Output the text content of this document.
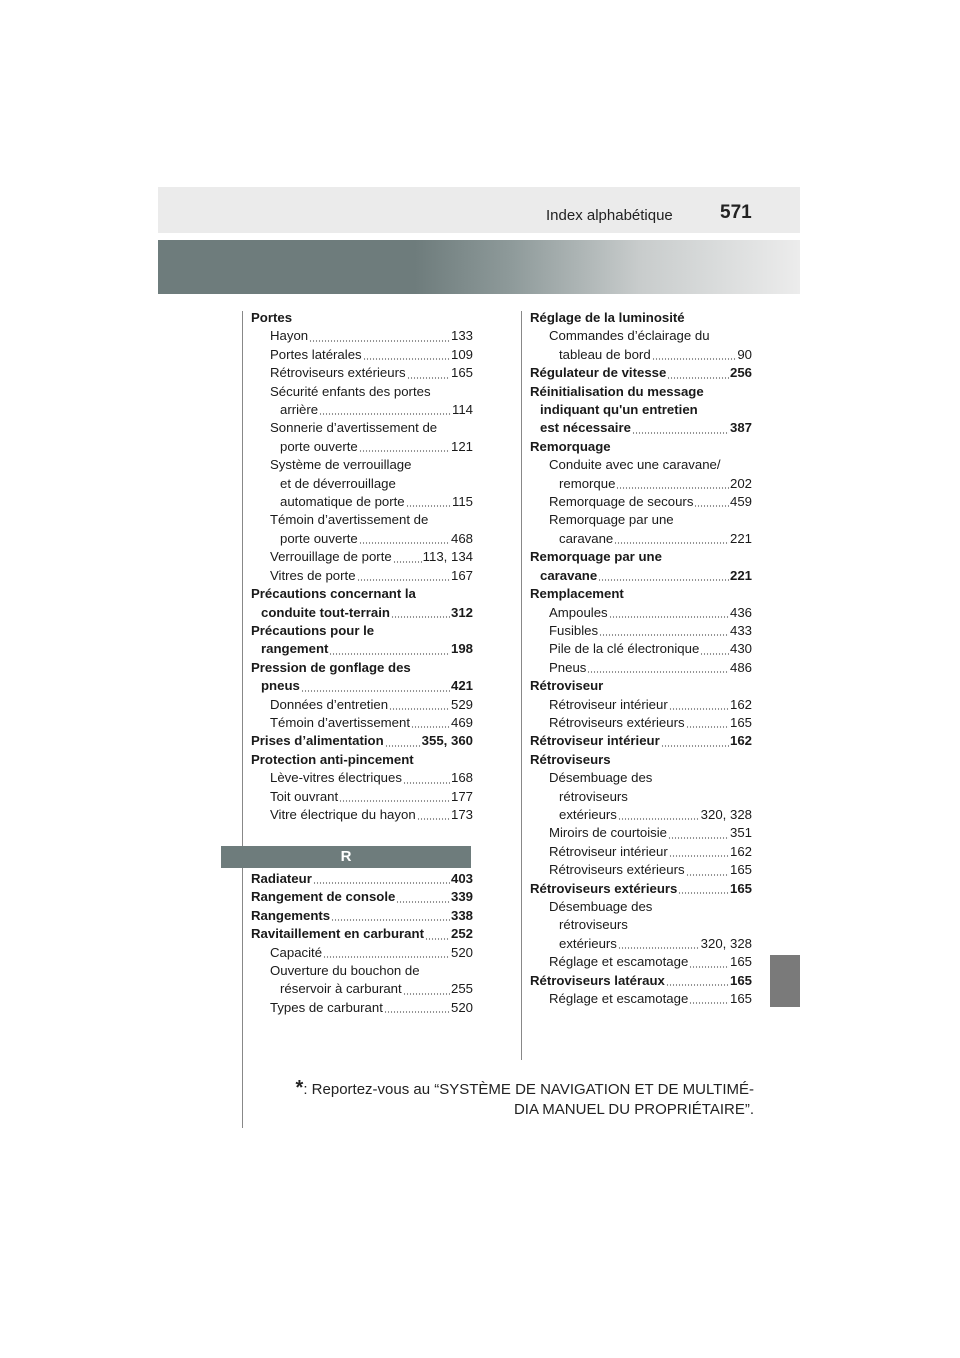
Index alphabétique 571
Portes
Hayon	133
Portes latérales	109
Rétroviseurs extérieurs	165
Sécurité enfants des portes
arrière	114
Sonnerie d’avertissement de
porte ouverte	121
Système de verrouillage
et de déverrouillage
automatique de porte	115
Témoin d’avertissement de
porte ouverte	468
Verrouillage de porte 113, 134
Vitres de porte	167
Précautions concernant la
conduite tout-terrain	312
Précautions pour le
rangement	198
Pression de gonflage des
pneus	421
Données d’entretien	529
Témoin d’avertissement	469
Prises d’alimentation	355, 360
Protection anti-pincement
Lève-vitres électriques	168
Toit ouvrant	177
Vitre électrique du hayon	173
R
Radiateur	403
Rangement de console	339
Rangements	338
Ravitaillement en carburant 252
Capacité	520
Ouverture du bouchon de
réservoir à carburant	255
Types de carburant	520
Réglage de la luminosité
Commandes d’éclairage du
tableau de bord	90
Régulateur de vitesse	256
Réinitialisation du message
indiquant qu'un entretien
est nécessaire	387
Remorquage
Conduite avec une caravane/
remorque	202
Remorquage de secours	459
Remorquage par une
caravane	221
Remorquage par une
caravane	221
Remplacement
Ampoules	436
Fusibles	433
Pile de la clé électronique 430
Pneus	486
Rétroviseur
Rétroviseur intérieur	162
Rétroviseurs extérieurs	165
Rétroviseur intérieur	162
Rétroviseurs
Désembuage des
rétroviseurs
extérieurs	320, 328
Miroirs de courtoisie	351
Rétroviseur intérieur	162
Rétroviseurs extérieurs	165
Rétroviseurs extérieurs	165
Désembuage des
rétroviseurs
extérieurs	320, 328
Réglage et escamotage	165
Rétroviseurs latéraux	165
Réglage et escamotage	165
*: Reportez-vous au “SYSTÈME DE NAVIGATION ET DE MULTIMÉ-
DIA MANUEL DU PROPRIÉTAIRE”.
